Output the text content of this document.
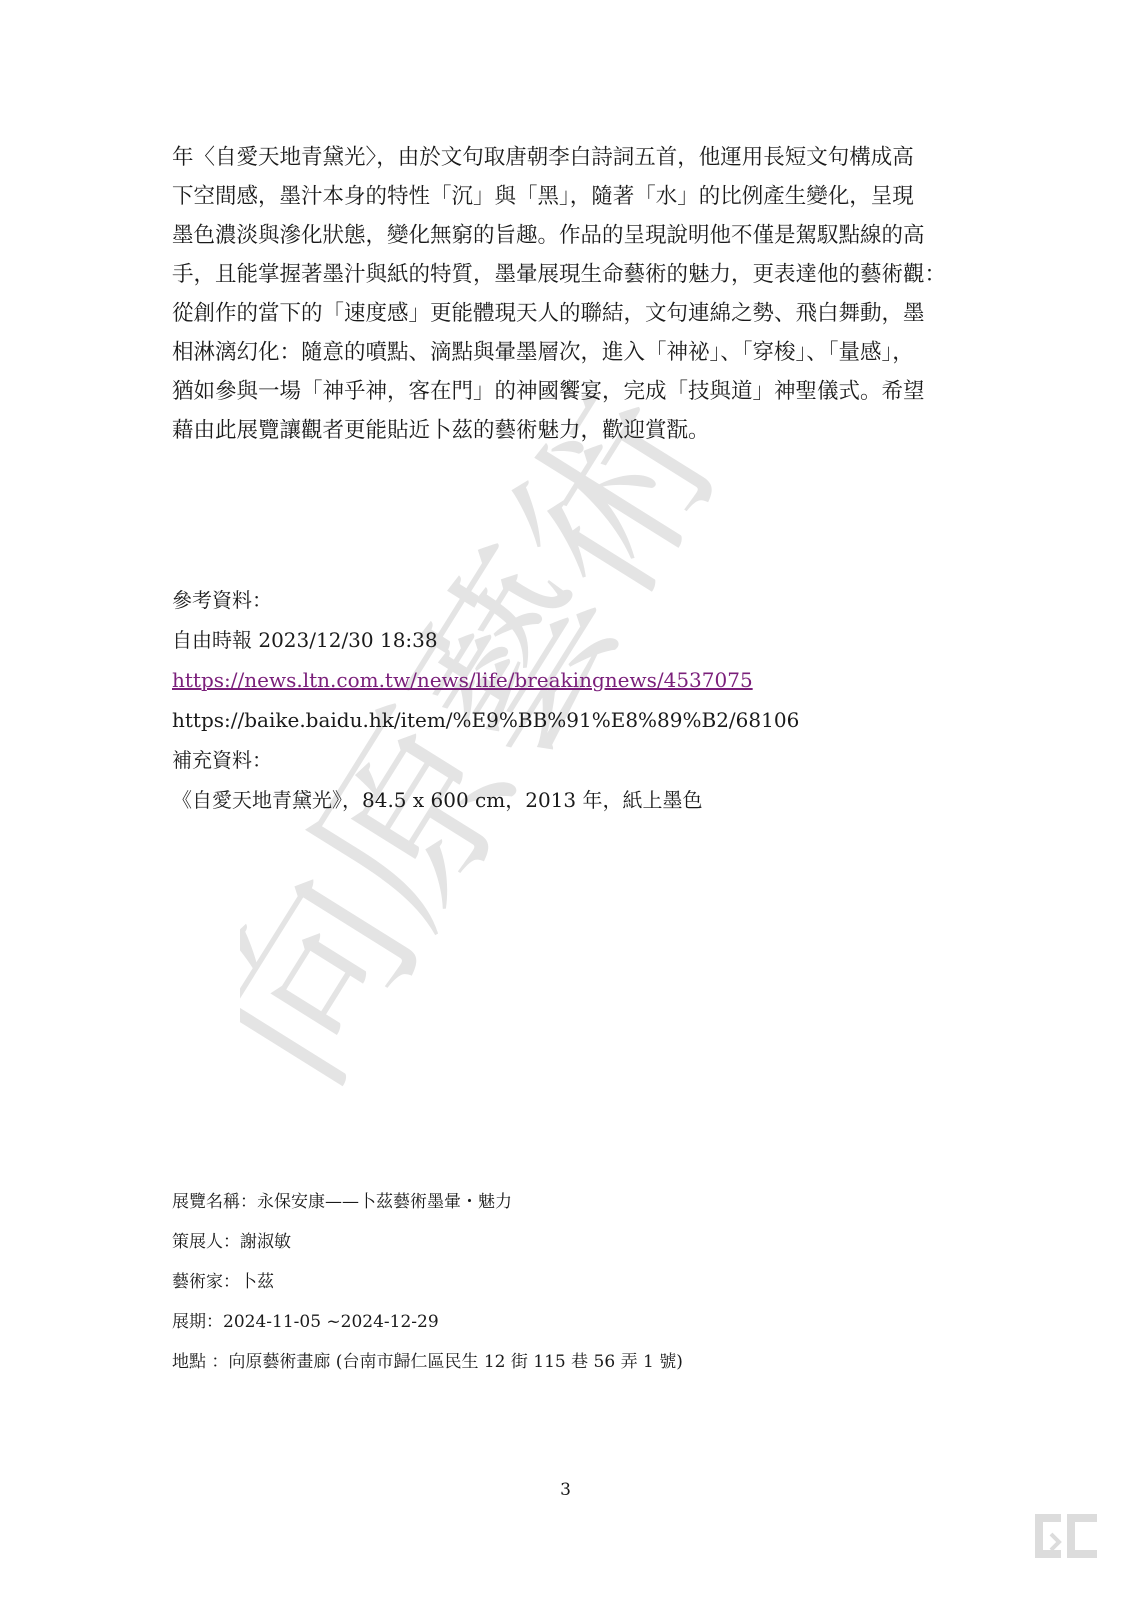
向原藝術
年〈自愛天地青黛光〉，由於文句取唐朝李白詩詞五首，他運用長短文句構成高
下空間感，墨汁本身的特性「沉」與「黑」，隨著「水」的比例產生變化，呈現
墨色濃淡與滲化狀態，變化無窮的旨趣。作品的呈現說明他不僅是駕馭點線的高
手，且能掌握著墨汁與紙的特質，墨暈展現生命藝術的魅力，更表達他的藝術觀：
從創作的當下的「速度感」更能體現天人的聯結，文句連綿之勢、飛白舞動，墨
相淋漓幻化：隨意的噴點、滴點與暈墨層次，進入「神祕」、「穿梭」、「量感」，
猶如參與一場「神乎神，客在門」的神國饗宴，完成「技與道」神聖儀式。希望
藉由此展覽讓觀者更能貼近卜茲的藝術魅力，歡迎賞翫。
參考資料：
自由時報 2023/12/30 18:38
https://news.ltn.com.tw/news/life/breakingnews/4537075
https://baike.baidu.hk/item/%E9%BB%91%E8%89%B2/68106
補充資料：
《自愛天地青黛光》，84.5 x 600 cm，2013 年，紙上墨色
展覽名稱：永保安康——卜茲藝術墨暈・魅力
策展人：謝淑敏
藝術家：卜茲
展期：2024-11-05 ~2024-12-29
地點 ：向原藝術畫廊 (台南市歸仁區民生 12 街 115 巷 56 弄 1 號)
3
